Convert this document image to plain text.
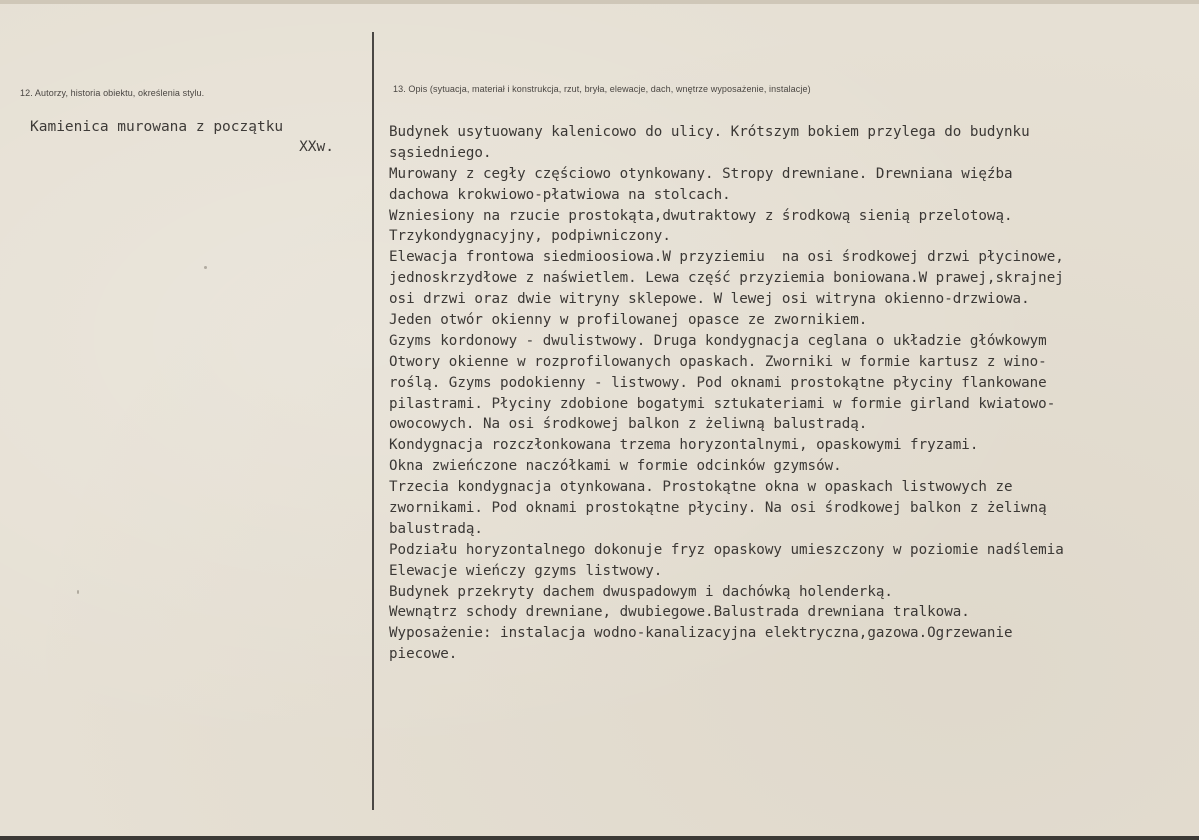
12. Autorzy, historia obiektu, określenia stylu.	13. Opis (sytuacja, materiał i konstrukcja, rzut, bryła, elewacje, dach, wnętrze wyposażenie, instalacje)
Kamienica murowana z początku
XXw.
Budynek usytuowany kalenicowo do ulicy. Krótszym bokiem przylega do budynku
sąsiedniego.
Murowany z cegły częściowo otynkowany. Stropy drewniane. Drewniana więźba
dachowa krokwiowo-płatwiowa na stolcach.
Wzniesiony na rzucie prostokąta,dwutraktowy z środkową sienią przelotową.
Trzykondygnacyjny, podpiwniczony.
Elewacja frontowa siedmioosiowa.W przyziemiu  na osi środkowej drzwi płycinowe,
jednoskrzydłowe z naświetlem. Lewa część przyziemia boniowana.W prawej,skrajnej
osi drzwi oraz dwie witryny sklepowe. W lewej osi witryna okienno-drzwiowa.
Jeden otwór okienny w profilowanej opasce ze zwornikiem.
Gzyms kordonowy - dwulistwowy. Druga kondygnacja ceglana o układzie główkowym
Otwory okienne w rozprofilowanych opaskach. Zworniki w formie kartusz z wino-
roślą. Gzyms podokienny - listwowy. Pod oknami prostokątne płyciny flankowane
pilastrami. Płyciny zdobione bogatymi sztukateriami w formie girland kwiatowo-
owocowych. Na osi środkowej balkon z żeliwną balustradą.
Kondygnacja rozczłonkowana trzema horyzontalnymi, opaskowymi fryzami.
Okna zwieńczone naczółkami w formie odcinków gzymsów.
Trzecia kondygnacja otynkowana. Prostokątne okna w opaskach listwowych ze
zwornikami. Pod oknami prostokątne płyciny. Na osi środkowej balkon z żeliwną
balustradą.
Podziału horyzontalnego dokonuje fryz opaskowy umieszczony w poziomie nadślemia
Elewacje wieńczy gzyms listwowy.
Budynek przekryty dachem dwuspadowym i dachówką holenderką.
Wewnątrz schody drewniane, dwubiegowe.Balustrada drewniana tralkowa.
Wyposażenie: instalacja wodno-kanalizacyjna elektryczna,gazowa.Ogrzewanie
piecowe.
